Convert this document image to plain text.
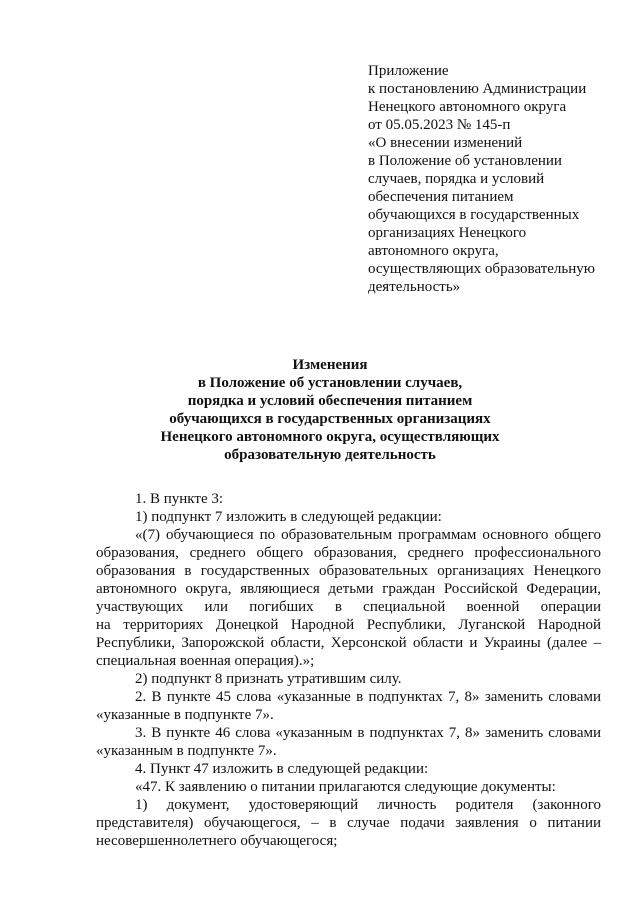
Приложение
к постановлению Администрации
Ненецкого автономного округа
от 05.05.2023 № 145-п
«О внесении изменений
в Положение об установлении
случаев, порядка и условий
обеспечения питанием
обучающихся в государственных
организациях Ненецкого
автономного округа,
осуществляющих образовательную
деятельность»
Изменения
в Положение об установлении случаев,
порядка и условий обеспечения питанием
обучающихся в государственных организациях
Ненецкого автономного округа, осуществляющих
образовательную деятельность
1. В пункте 3:
1) подпункт 7 изложить в следующей редакции:
«(7) обучающиеся по образовательным программам основного общего
образования, среднего общего образования, среднего профессионального
образования в государственных образовательных организациях Ненецкого
автономного округа, являющиеся детьми граждан Российской Федерации,
участвующих или погибших в специальной военной операции
на территориях Донецкой Народной Республики, Луганской Народной
Республики, Запорожской области, Херсонской области и Украины (далее –
специальная военная операция).»;
2) подпункт 8 признать утратившим силу.
2. В пункте 45 слова «указанные в подпунктах 7, 8» заменить словами
«указанные в подпункте 7».
3. В пункте 46 слова «указанным в подпунктах 7, 8» заменить словами
«указанным в подпункте 7».
4. Пункт 47 изложить в следующей редакции:
«47. К заявлению о питании прилагаются следующие документы:
1) документ, удостоверяющий личность родителя (законного
представителя) обучающегося, – в случае подачи заявления о питании
несовершеннолетнего обучающегося;
